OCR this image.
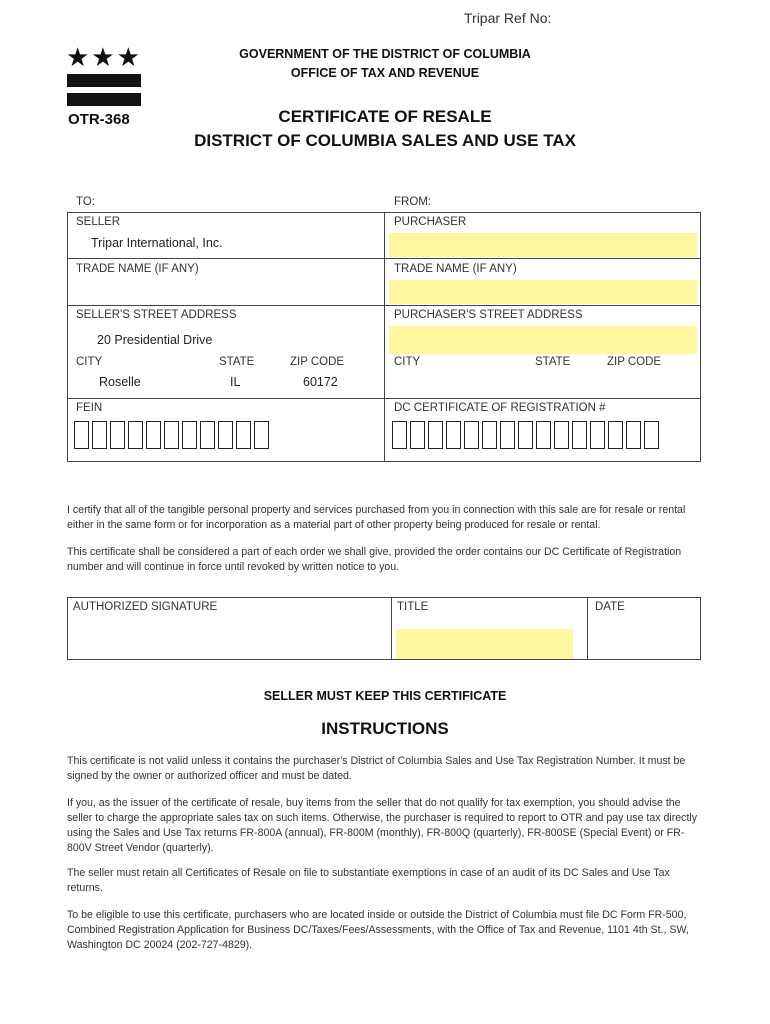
Tripar Ref No:
★★★
OTR-368
GOVERNMENT OF THE DISTRICT OF COLUMBIA
OFFICE OF TAX AND REVENUE
CERTIFICATE OF RESALE
DISTRICT OF COLUMBIA SALES AND USE TAX
TO:	FROM:
SELLER
Tripar International, Inc.
TRADE NAME (IF ANY)
SELLER'S STREET ADDRESS
20 Presidential Drive
CITY	STATE	ZIP CODE
Roselle	IL	60172
FEIN
PURCHASER
TRADE NAME (IF ANY)
PURCHASER'S STREET ADDRESS
CITY	STATE	ZIP CODE
DC CERTIFICATE OF REGISTRATION #
I certify that all of the tangible personal property and services purchased from you in connection with this sale are for resale or rental either in the same form or for incorporation as a material part of other property being produced for resale or rental.
This certificate shall be considered a part of each order we shall give, provided the order contains our DC Certificate of Registration number and will continue in force until revoked by written notice to you.
AUTHORIZED SIGNATURE	TITLE	DATE
SELLER MUST KEEP THIS CERTIFICATE
INSTRUCTIONS
This certificate is not valid unless it contains the purchaser's District of Columbia Sales and Use Tax Registration Number. It must be signed by the owner or authorized officer and must be dated.
If you, as the issuer of the certificate of resale, buy items from the seller that do not qualify for tax exemption, you should advise the seller to charge the appropriate sales tax on such items. Otherwise, the purchaser is required to report to OTR and pay use tax directly using the Sales and Use Tax returns FR-800A (annual), FR-800M (monthly), FR-800Q (quarterly), FR-800SE (Special Event) or FR-800V Street Vendor (quarterly).
The seller must retain all Certificates of Resale on file to substantiate exemptions in case of an audit of its DC Sales and Use Tax returns.
To be eligible to use this certificate, purchasers who are located inside or outside the District of Columbia must file DC Form FR-500, Combined Registration Application for Business DC/Taxes/Fees/Assessments, with the Office of Tax and Revenue, 1101 4th St., SW, Washington DC 20024 (202-727-4829).
